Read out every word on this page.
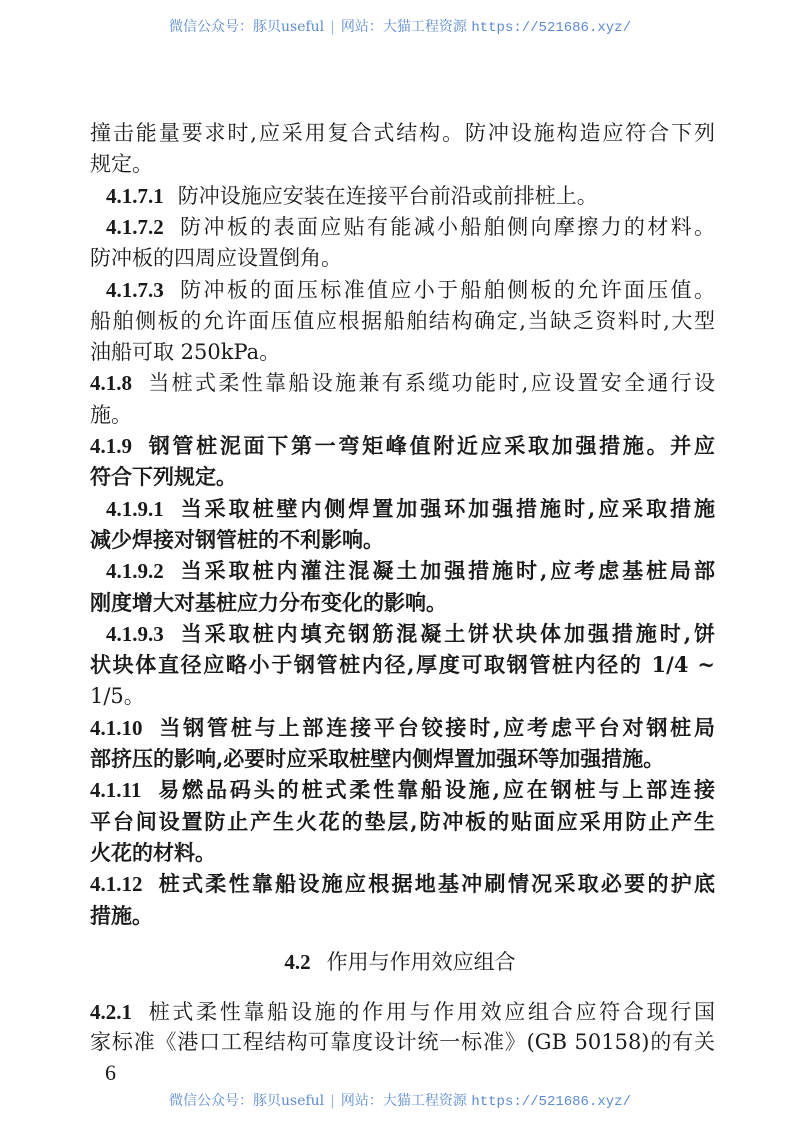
微信公众号：豚贝useful | 网站：大猫工程资源 https://521686.xyz/
撞击能量要求时,应采用复合式结构。防冲设施构造应符合下列
规定。
4.1.7.1 防冲设施应安装在连接平台前沿或前排桩上。
4.1.7.2 防冲板的表面应贴有能减小船舶侧向摩擦力的材料。
防冲板的四周应设置倒角。
4.1.7.3 防冲板的面压标准值应小于船舶侧板的允许面压值。
船舶侧板的允许面压值应根据船舶结构确定,当缺乏资料时,大型
油船可取 250kPa。
4.1.8 当桩式柔性靠船设施兼有系缆功能时,应设置安全通行设
施。
4.1.9 钢管桩泥面下第一弯矩峰值附近应采取加强措施。并应
符合下列规定。
4.1.9.1 当采取桩壁内侧焊置加强环加强措施时,应采取措施
减少焊接对钢管桩的不利影响。
4.1.9.2 当采取桩内灌注混凝土加强措施时,应考虑基桩局部
刚度增大对基桩应力分布变化的影响。
4.1.9.3 当采取桩内填充钢筋混凝土饼状块体加强措施时,饼
状块体直径应略小于钢管桩内径,厚度可取钢管桩内径的 1/4 ~
1/5。
4.1.10 当钢管桩与上部连接平台铰接时,应考虑平台对钢桩局
部挤压的影响,必要时应采取桩壁内侧焊置加强环等加强措施。
4.1.11 易燃品码头的桩式柔性靠船设施,应在钢桩与上部连接
平台间设置防止产生火花的垫层,防冲板的贴面应采用防止产生
火花的材料。
4.1.12 桩式柔性靠船设施应根据地基冲刷情况采取必要的护底
措施。
4.2 作用与作用效应组合
4.2.1 桩式柔性靠船设施的作用与作用效应组合应符合现行国
家标准《港口工程结构可靠度设计统一标准》(GB 50158)的有关
6
微信公众号：豚贝useful | 网站：大猫工程资源 https://521686.xyz/
